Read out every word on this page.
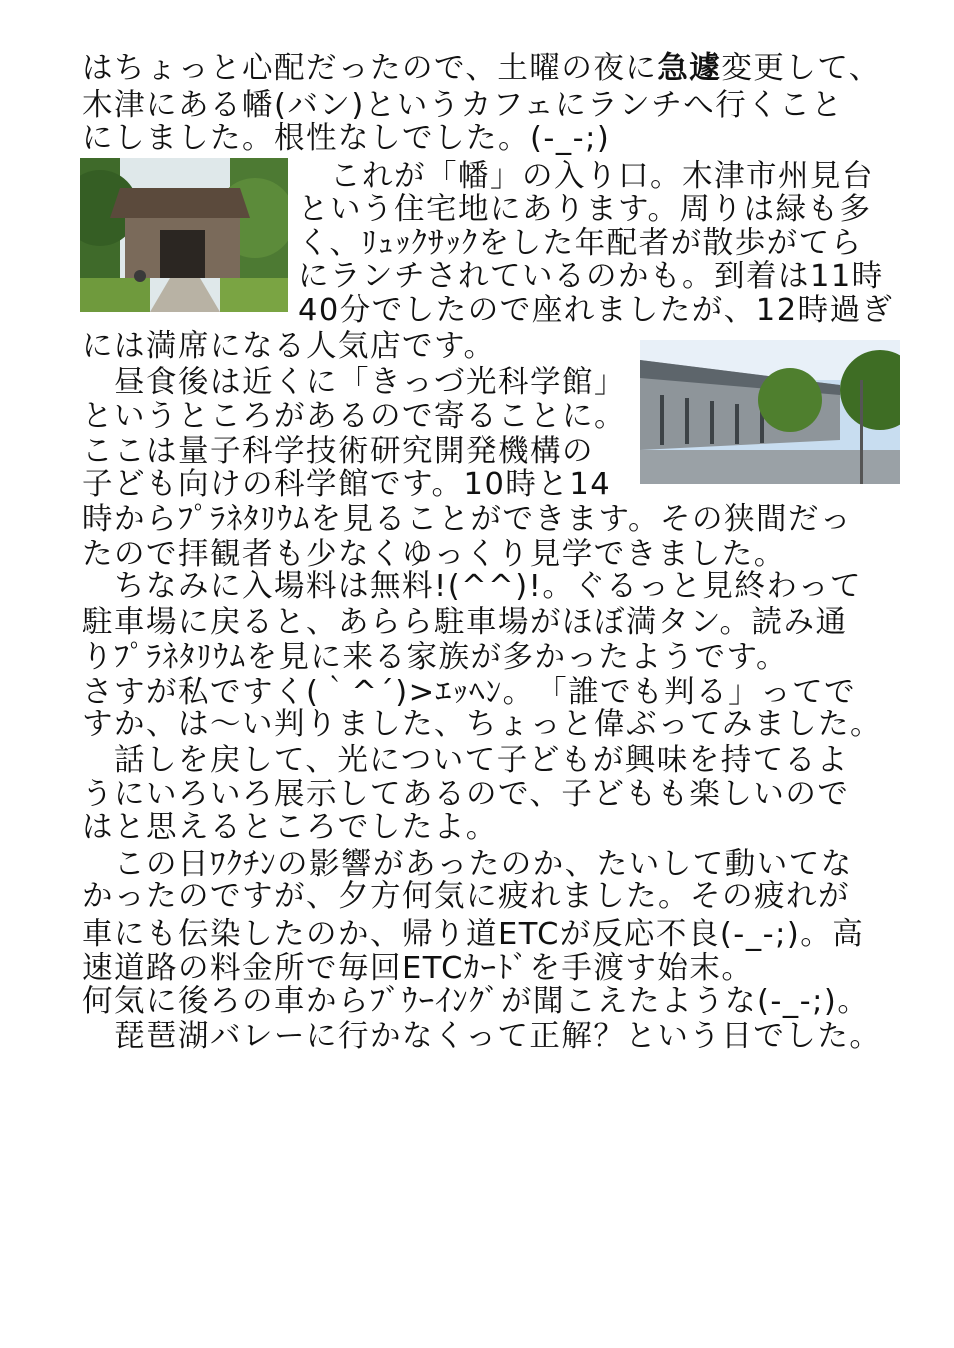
はちょっと心配だったので、土曜の夜に急遽変更して、
木津にある幡(バン)というカフェにランチへ行くこと
にしました。根性なしでした。(-_-;)
　これが「幡」の入り口。木津市州見台
という住宅地にあります。周りは緑も多
く、ﾘｭｯｸｻｯｸをした年配者が散歩がてら
にランチされているのかも。到着は11時
40分でしたので座れましたが、12時過ぎ
には満席になる人気店です。
　昼食後は近くに「きっづ光科学館」
というところがあるので寄ることに。
ここは量子科学技術研究開発機構の
子ども向けの科学館です。10時と14
時からﾌﾟﾗﾈﾀﾘｳﾑを見ることができます。その狭間だっ
たので拝観者も少なくゆっくり見学できました。
　ちなみに入場料は無料!(^^)!。ぐるっと見終わって
駐車場に戻ると、あらら駐車場がほぼ満タン。読み通
りﾌﾟﾗﾈﾀﾘｳﾑを見に来る家族が多かったようです。
さすが私ですく(｀^´)>ｴｯﾍﾝ。　「誰でも判る」ってで
すか、は～い判りました、ちょっと偉ぶってみました。
　話しを戻して、光について子どもが興味を持てるよ
うにいろいろ展示してあるので、子どもも楽しいので
はと思えるところでしたよ。
　この日ﾜｸﾁﾝの影響があったのか、たいして動いてな
かったのですが、夕方何気に疲れました。その疲れが
車にも伝染したのか、帰り道ETCが反応不良(-_-;)。高
速道路の料金所で毎回ETCｶｰﾄﾞを手渡す始末。
何気に後ろの車からﾌﾞｳｰｲﾝｸﾞが聞こえたような(-_-;)。
　琵琶湖バレーに行かなくって正解？という日でした。
